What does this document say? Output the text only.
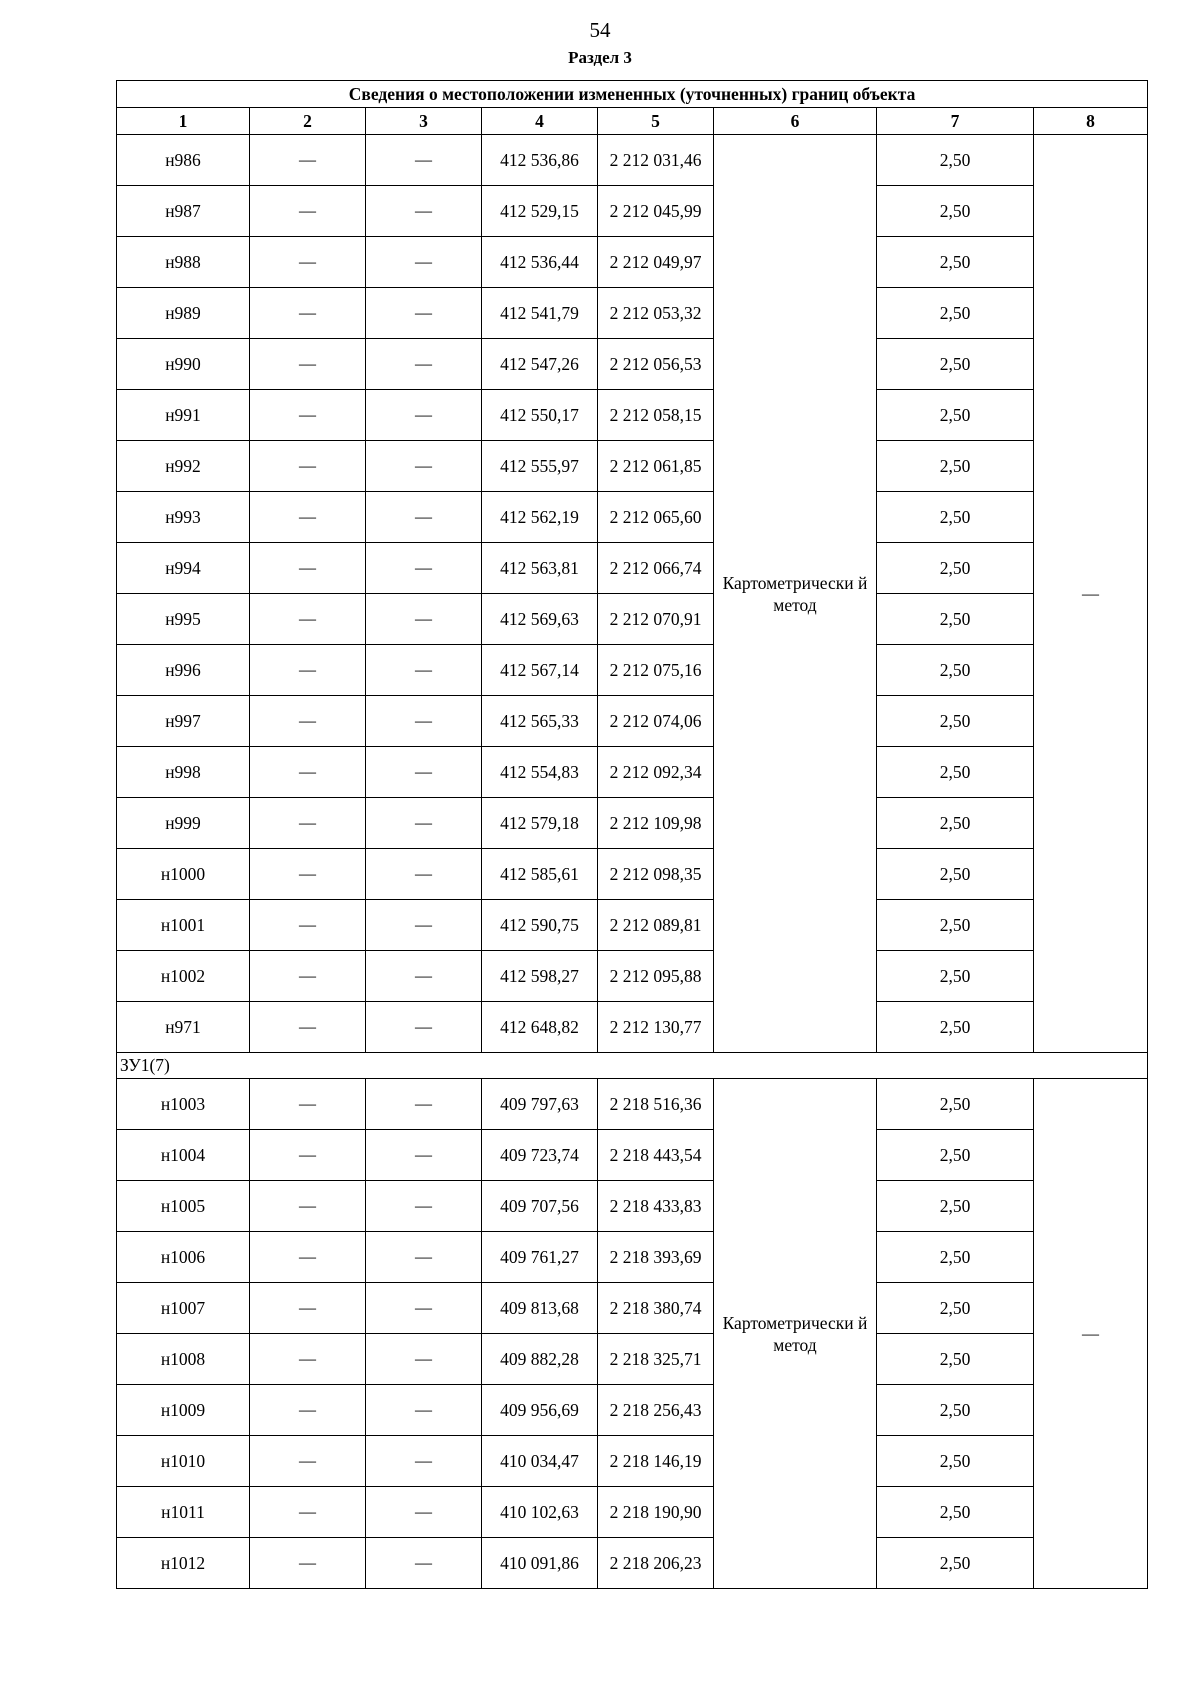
54
Раздел 3
Сведения о местоположении измененных (уточненных) границ объекта							
1	2	3	4	5	6	7	8
н986	—	—	412 536,86	2 212 031,46	Картометрически й метод	2,50	—
н987	—	—	412 529,15	2 212 045,99		2,50	
н988	—	—	412 536,44	2 212 049,97		2,50	
н989	—	—	412 541,79	2 212 053,32		2,50	
н990	—	—	412 547,26	2 212 056,53		2,50	
н991	—	—	412 550,17	2 212 058,15		2,50	
н992	—	—	412 555,97	2 212 061,85		2,50	
н993	—	—	412 562,19	2 212 065,60		2,50	
н994	—	—	412 563,81	2 212 066,74		2,50	
н995	—	—	412 569,63	2 212 070,91		2,50	
н996	—	—	412 567,14	2 212 075,16		2,50	
н997	—	—	412 565,33	2 212 074,06		2,50	
н998	—	—	412 554,83	2 212 092,34		2,50	
н999	—	—	412 579,18	2 212 109,98		2,50	
н1000	—	—	412 585,61	2 212 098,35		2,50	
н1001	—	—	412 590,75	2 212 089,81		2,50	
н1002	—	—	412 598,27	2 212 095,88		2,50	
н971	—	—	412 648,82	2 212 130,77		2,50	
ЗУ1(7)							
н1003	—	—	409 797,63	2 218 516,36	Картометрически й метод	2,50	—
н1004	—	—	409 723,74	2 218 443,54		2,50	
н1005	—	—	409 707,56	2 218 433,83		2,50	
н1006	—	—	409 761,27	2 218 393,69		2,50	
н1007	—	—	409 813,68	2 218 380,74		2,50	
н1008	—	—	409 882,28	2 218 325,71		2,50	
н1009	—	—	409 956,69	2 218 256,43		2,50	
н1010	—	—	410 034,47	2 218 146,19		2,50	
н1011	—	—	410 102,63	2 218 190,90		2,50	
н1012	—	—	410 091,86	2 218 206,23		2,50	
